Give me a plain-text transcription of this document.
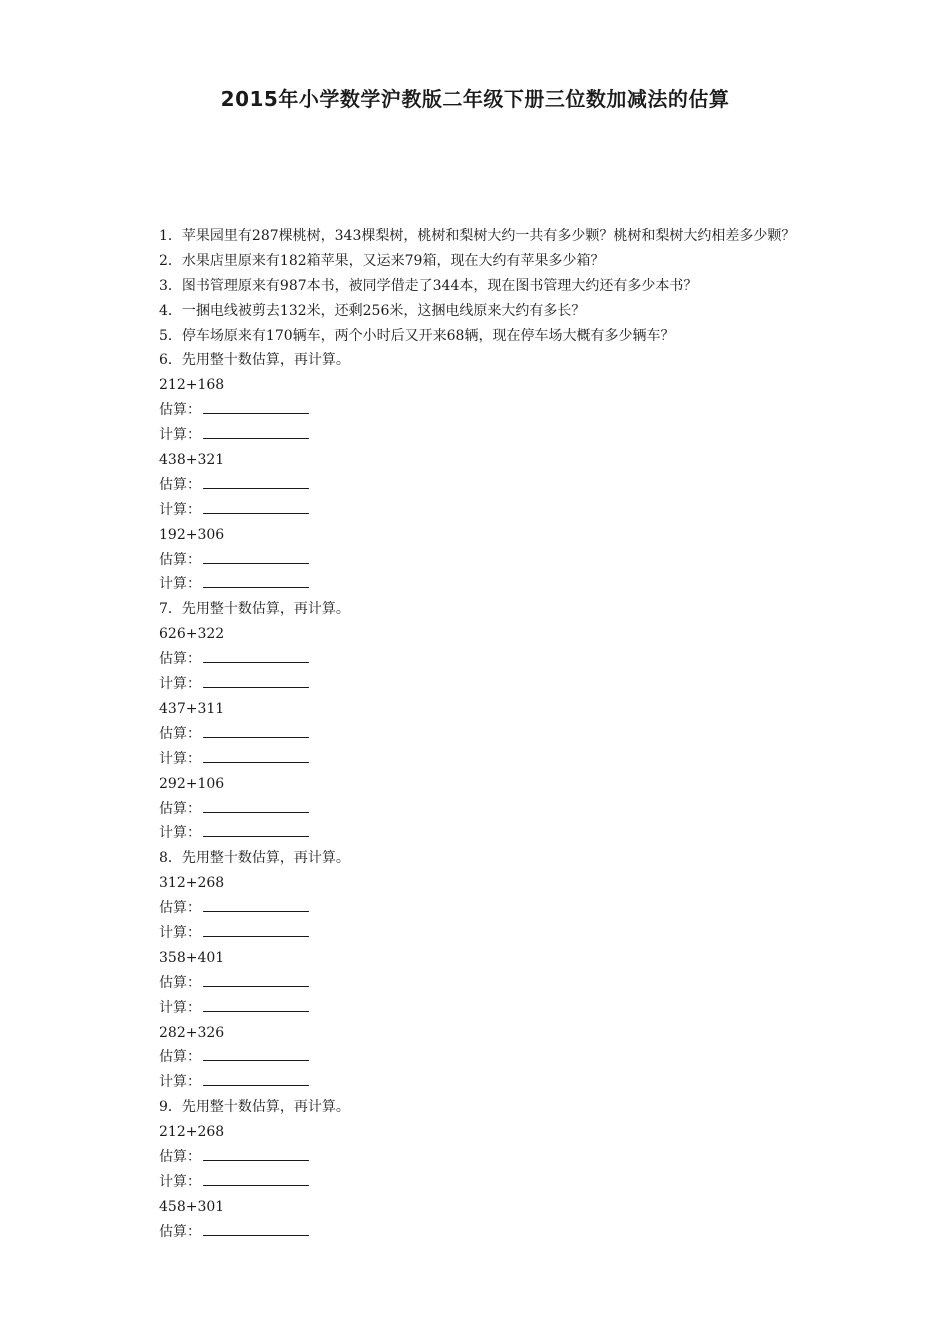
2015年小学数学沪教版二年级下册三位数加减法的估算
1．苹果园里有287棵桃树，343棵梨树，桃树和梨树大约一共有多少颗？桃树和梨树大约相差多少颗？
2．水果店里原来有182箱苹果，又运来79箱，现在大约有苹果多少箱？
3．图书管理原来有987本书，被同学借走了344本，现在图书管理大约还有多少本书？
4．一捆电线被剪去132米，还剩256米，这捆电线原来大约有多长？
5．停车场原来有170辆车，两个小时后又开来68辆，现在停车场大概有多少辆车？
6．先用整十数估算，再计算。
212+168
估算：
计算：
438+321
估算：
计算：
192+306
估算：
计算：
7．先用整十数估算，再计算。
626+322
估算：
计算：
437+311
估算：
计算：
292+106
估算：
计算：
8．先用整十数估算，再计算。
312+268
估算：
计算：
358+401
估算：
计算：
282+326
估算：
计算：
9．先用整十数估算，再计算。
212+268
估算：
计算：
458+301
估算：
